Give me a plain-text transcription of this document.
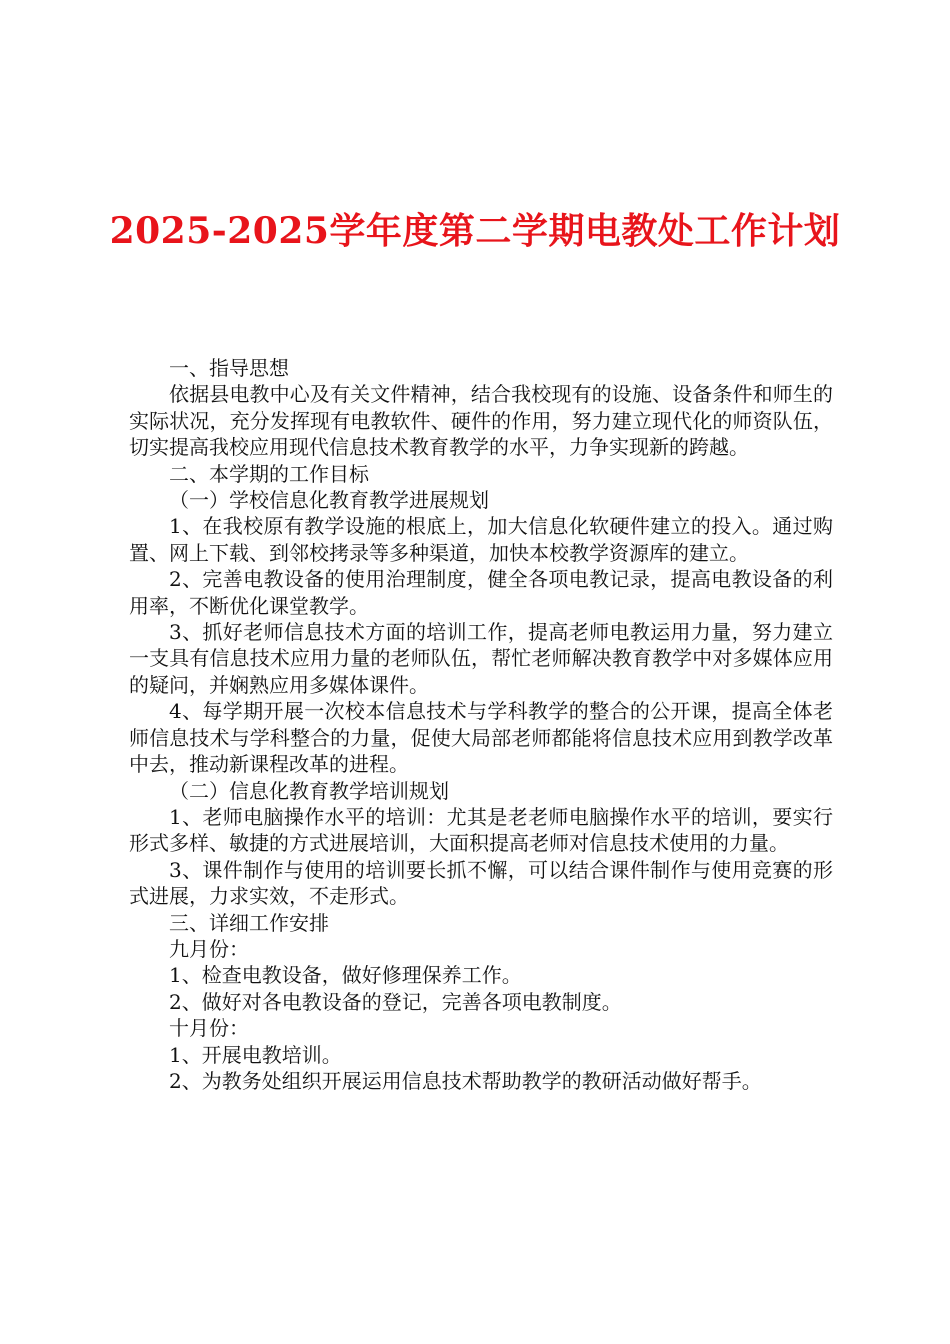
2025-2025学年度第二学期电教处工作计划

一、指导思想

依据县电教中心及有关文件精神，结合我校现有的设施、设备条件和师生的实际状况，充分发挥现有电教软件、硬件的作用，努力建立现代化的师资队伍，切实提高我校应用现代信息技术教育教学的水平，力争实现新的跨越。

二、本学期的工作目标

（一）学校信息化教育教学进展规划

1、在我校原有教学设施的根底上，加大信息化软硬件建立的投入。通过购置、网上下载、到邻校拷录等多种渠道，加快本校教学资源库的建立。

2、完善电教设备的使用治理制度，健全各项电教记录，提高电教设备的利用率，不断优化课堂教学。

3、抓好老师信息技术方面的培训工作，提高老师电教运用力量，努力建立一支具有信息技术应用力量的老师队伍，帮忙老师解决教育教学中对多媒体应用的疑问，并娴熟应用多媒体课件。

4、每学期开展一次校本信息技术与学科教学的整合的公开课，提高全体老师信息技术与学科整合的力量，促使大局部老师都能将信息技术应用到教学改革中去，推动新课程改革的进程。

（二）信息化教育教学培训规划

1、老师电脑操作水平的培训：尤其是老老师电脑操作水平的培训，要实行形式多样、敏捷的方式进展培训，大面积提高老师对信息技术使用的力量。

3、课件制作与使用的培训要长抓不懈，可以结合课件制作与使用竞赛的形式进展，力求实效，不走形式。

三、详细工作安排

九月份：

1、检查电教设备，做好修理保养工作。

2、做好对各电教设备的登记，完善各项电教制度。

十月份：

1、开展电教培训。

2、为教务处组织开展运用信息技术帮助教学的教研活动做好帮手。
